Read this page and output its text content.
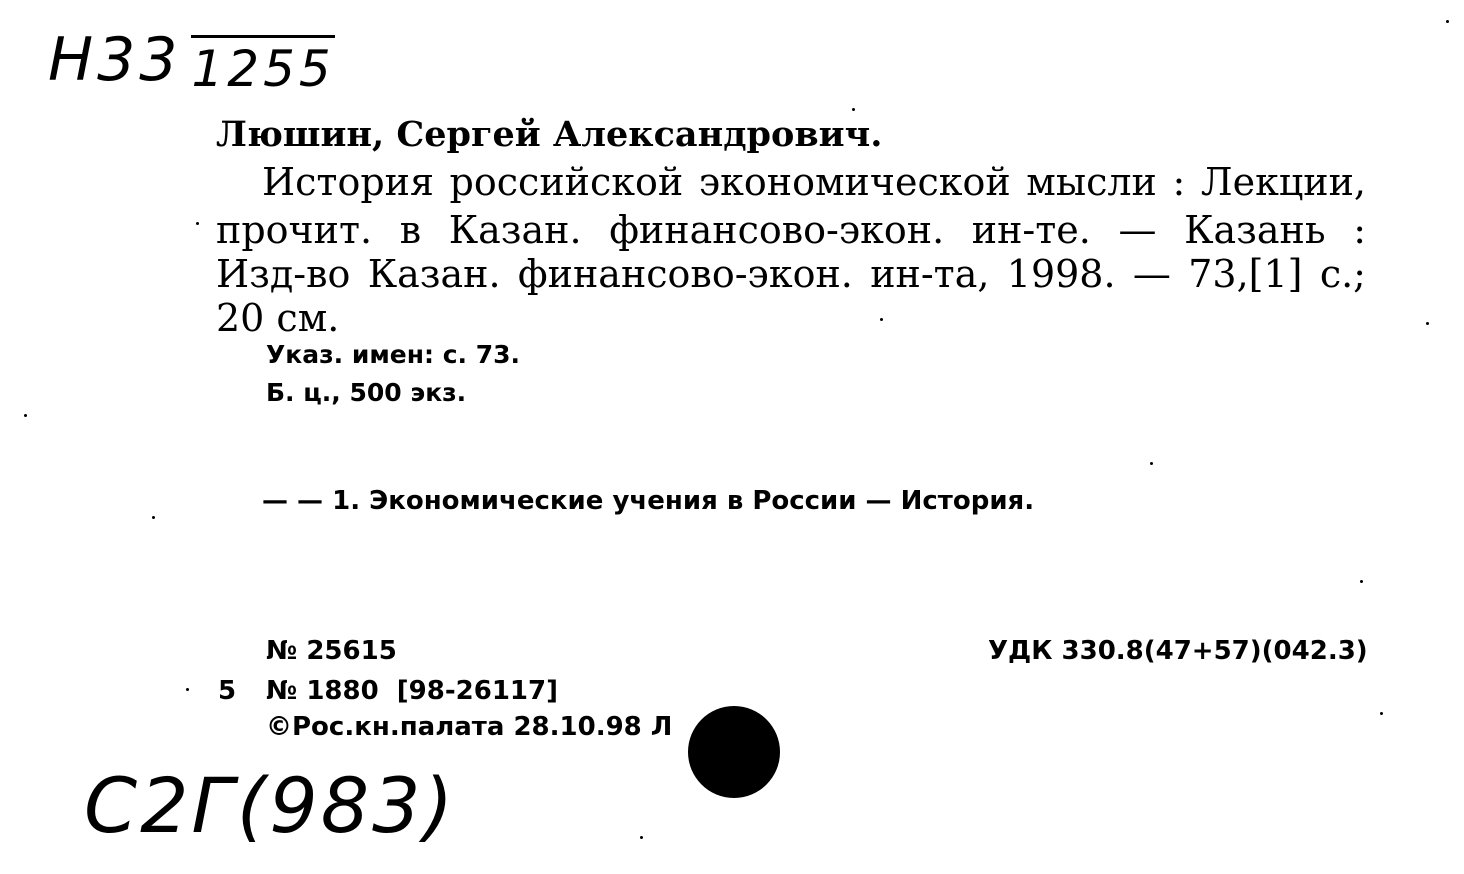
Н33 1255
Люшин, Сергей Александрович.
История российской экономической мысли : Лекции,
прочит. в Казан. финансово-экон. ин-те. — Казань :
Изд-во Казан. финансово-экон. ин-та, 1998. — 73,[1] с.;
20 см.
Указ. имен: с. 73.
Б. ц., 500 экз.
— — 1. Экономические учения в России — История.
№ 25615	УДК 330.8(47+57)(042.3)
5 № 1880  [98-26117]
©Рос.кн.палата 28.10.98 Л
С2Г(983)
